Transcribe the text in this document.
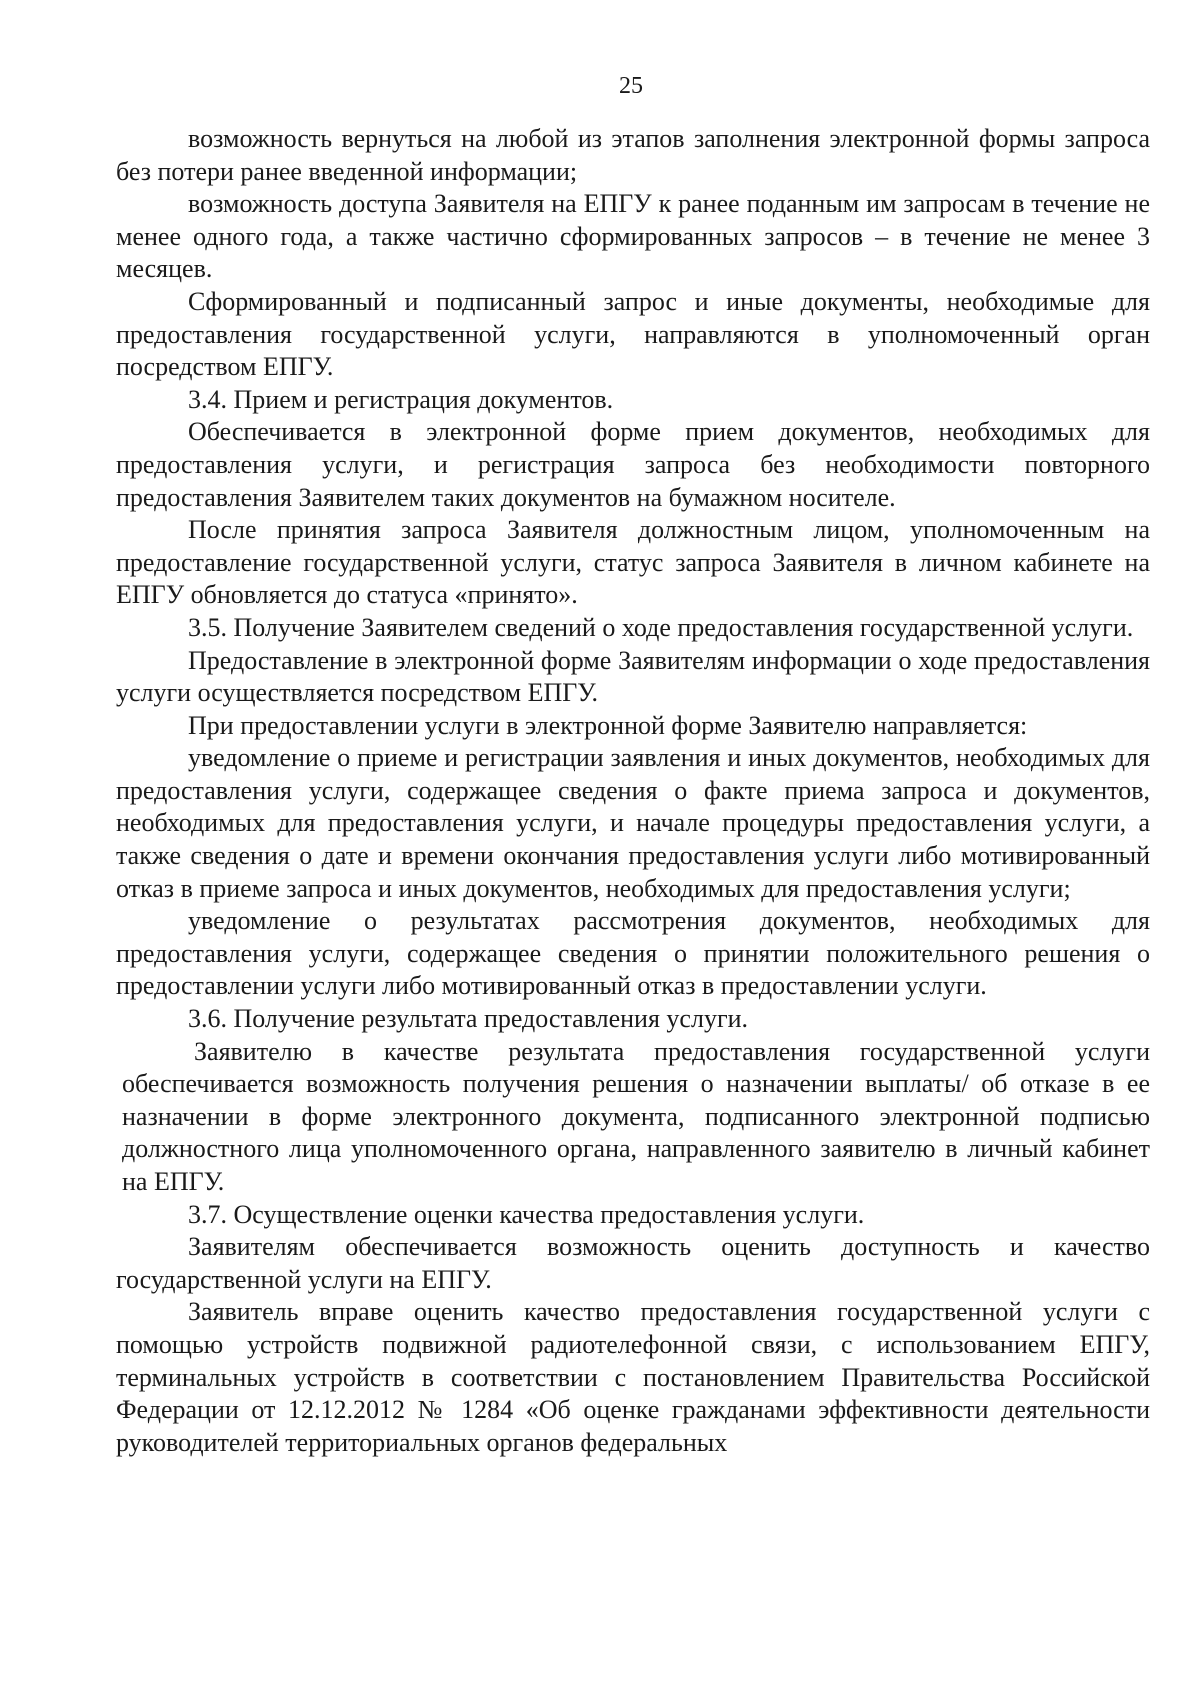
25

возможность вернуться на любой из этапов заполнения электронной формы запроса без потери ранее введенной информации;

возможность доступа Заявителя на ЕПГУ к ранее поданным им запросам в течение не менее одного года, а также частично сформированных запросов – в течение не менее 3 месяцев.

Сформированный и подписанный запрос и иные документы, необходимые для предоставления государственной услуги, направляются в уполномоченный орган посредством ЕПГУ.

3.4. Прием и регистрация документов.

Обеспечивается в электронной форме прием документов, необходимых для предоставления услуги, и регистрация запроса без необходимости повторного предоставления Заявителем таких документов на бумажном носителе.

После принятия запроса Заявителя должностным лицом, уполномоченным на предоставление государственной услуги, статус запроса Заявителя в личном кабинете на ЕПГУ обновляется до статуса «принято».

3.5. Получение Заявителем сведений о ходе предоставления государственной услуги.

Предоставление в электронной форме Заявителям информации о ходе предоставления услуги осуществляется посредством ЕПГУ.

При предоставлении услуги в электронной форме Заявителю направляется:

уведомление о приеме и регистрации заявления и иных документов, необходимых для предоставления услуги, содержащее сведения о факте приема запроса и документов, необходимых для предоставления услуги, и начале процедуры предоставления услуги, а также сведения о дате и времени окончания предоставления услуги либо мотивированный отказ в приеме запроса и иных документов, необходимых для предоставления услуги;

уведомление о результатах рассмотрения документов, необходимых для предоставления услуги, содержащее сведения о принятии положительного решения о предоставлении услуги либо мотивированный отказ в предоставлении услуги.

3.6. Получение результата предоставления услуги.

Заявителю в качестве результата предоставления государственной услуги обеспечивается возможность получения решения о назначении выплаты/ об отказе в ее назначении в форме электронного документа, подписанного электронной подписью должностного лица уполномоченного органа, направленного заявителю в личный кабинет на ЕПГУ.

3.7. Осуществление оценки качества предоставления услуги.

Заявителям обеспечивается возможность оценить доступность и качество государственной услуги на ЕПГУ.

Заявитель вправе оценить качество предоставления государственной услуги с помощью устройств подвижной радиотелефонной связи, с использованием ЕПГУ, терминальных устройств в соответствии с постановлением Правительства Российской Федерации от 12.12.2012 № 1284 «Об оценке гражданами эффективности деятельности руководителей территориальных органов федеральных
